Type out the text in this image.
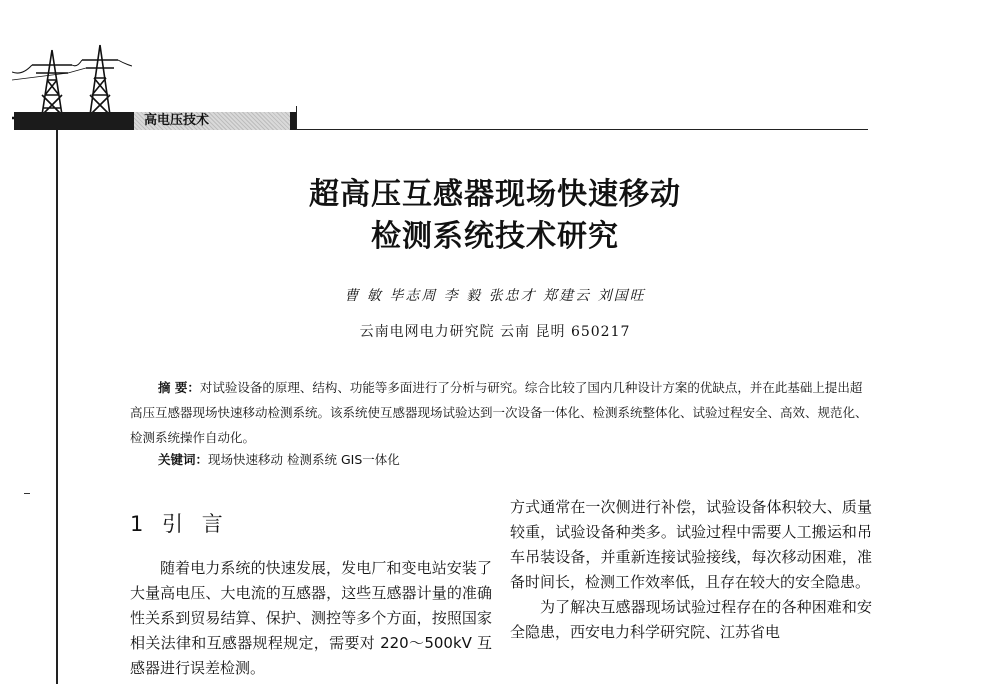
高电压技术
超高压互感器现场快速移动
检测系统技术研究
曹 敏 毕志周 李 毅 张忠才 郑建云 刘国旺
云南电网电力研究院 云南 昆明 650217
摘 要：对试验设备的原理、结构、功能等多面进行了分析与研究。综合比较了国内几种设计方案的优缺点，并在此基础上提出超高压互感器现场快速移动检测系统。该系统使互感器现场试验达到一次设备一体化、检测系统整体化、试验过程安全、高效、规范化、检测系统操作自动化。
关键词：现场快速移动 检测系统 GIS一体化
1 引 言

随着电力系统的快速发展，发电厂和变电站安装了大量高电压、大电流的互感器，这些互感器计量的准确性关系到贸易结算、保护、测控等多个方面，按照国家相关法律和互感器规程规定，需要对 220～500kV 互感器进行误差检测。

方式通常在一次侧进行补偿，试验设备体积较大、质量较重，试验设备种类多。试验过程中需要人工搬运和吊车吊装设备，并重新连接试验接线，每次移动困难，准备时间长，检测工作效率低，且存在较大的安全隐患。

为了解决互感器现场试验过程存在的各种困难和安全隐患，西安电力科学研究院、江苏省电
